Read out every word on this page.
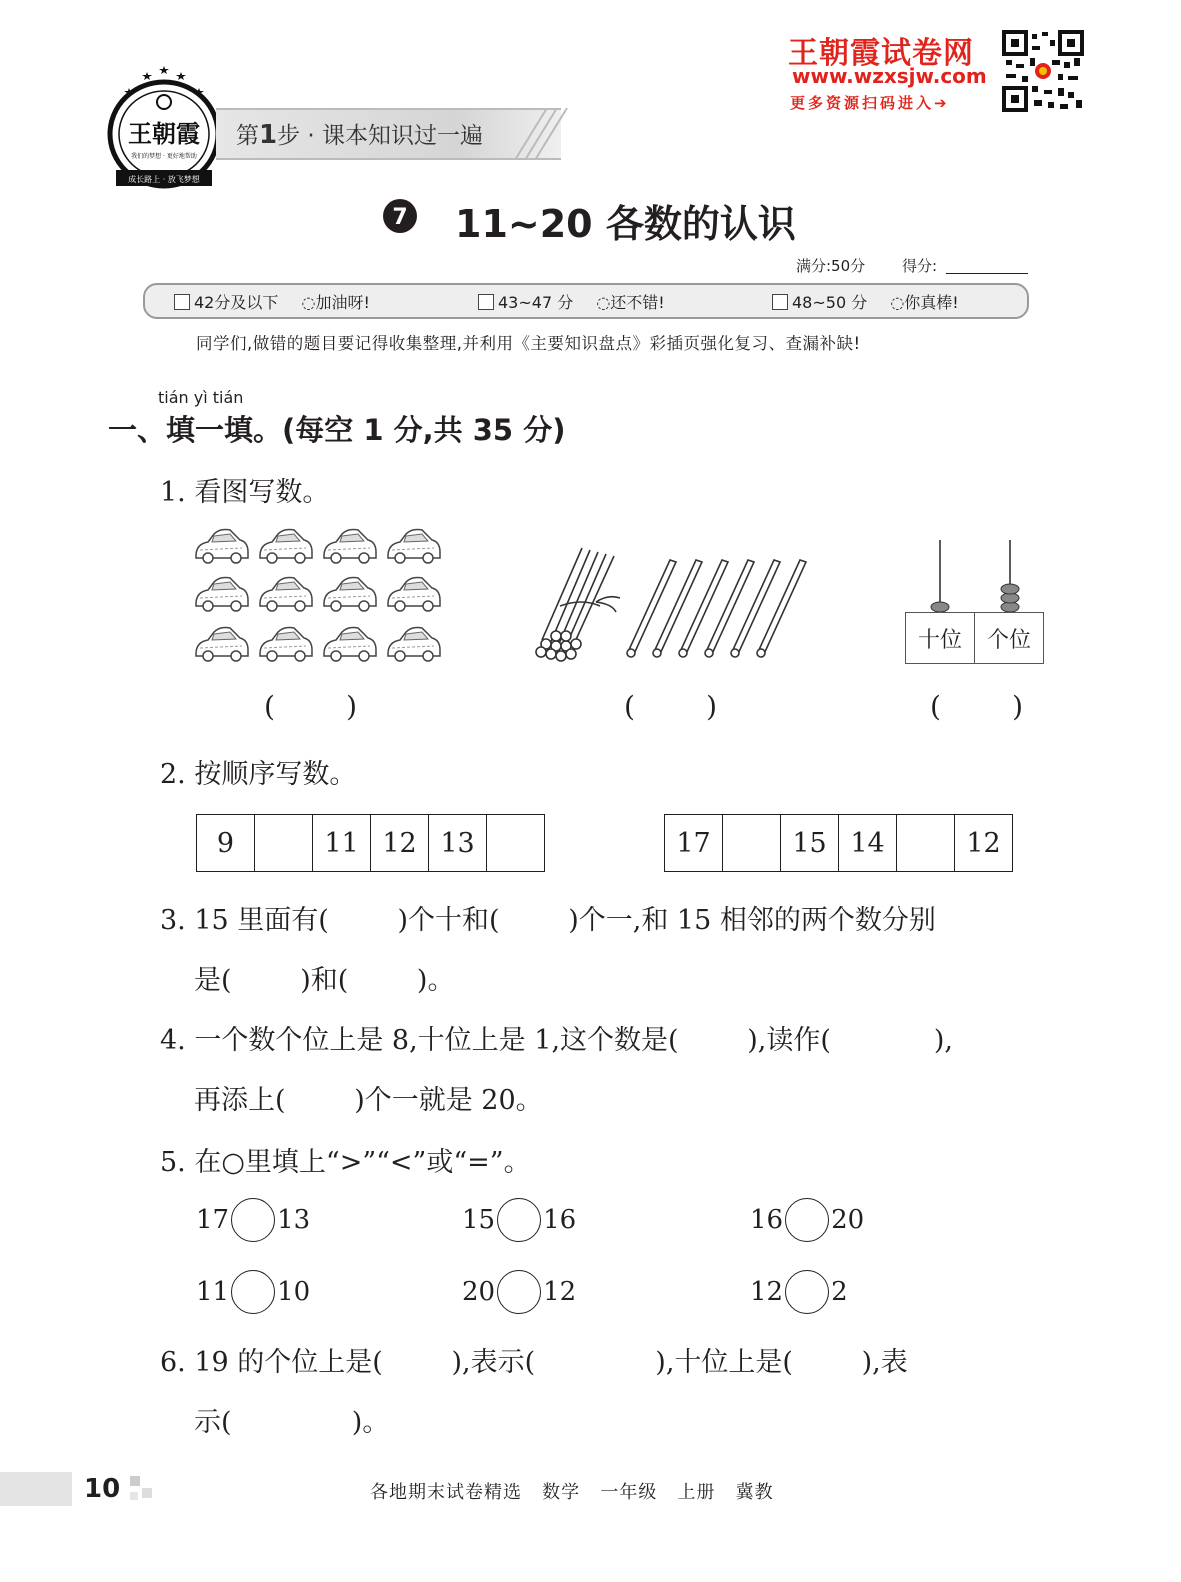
王朝霞试卷网
www.wzxsjw.com
更多资源扫码进入➔
王朝霞
我们的梦想 · 更好地帮助
成长路上 · 放飞梦想
第1步 · 课本知识过一遍
7 11~20 各数的认识
满分:50分 得分:
42分及以下 ◌加油呀!	43~47 分 ◌还不错!	48~50 分 ◌你真棒!
同学们,做错的题目要记得收集整理,并利用《主要知识盘点》彩插页强化复习、查漏补缺!
tián yì tián
一、填一填。(每空 1 分,共 35 分)
1. 看图写数。
十位	个位
(        )	(        )	(        )
2. 按顺序写数。
9		11	12	13		17		15	14		12
3. 15 里面有(        )个十和(        )个一,和 15 相邻的两个数分别
是(        )和(        )。
4. 一个数个位上是 8,十位上是 1,这个数是(        ),读作(            ),
再添上(        )个一就是 20。
5. 在○里填上“>”“<”或“=”。
17 13	15 16	16 20
11 10	20 12	12 2
6. 19 的个位上是(        ),表示(              ),十位上是(        ),表
示(              )。
10	各地期末试卷精选   数学   一年级   上册   冀教
